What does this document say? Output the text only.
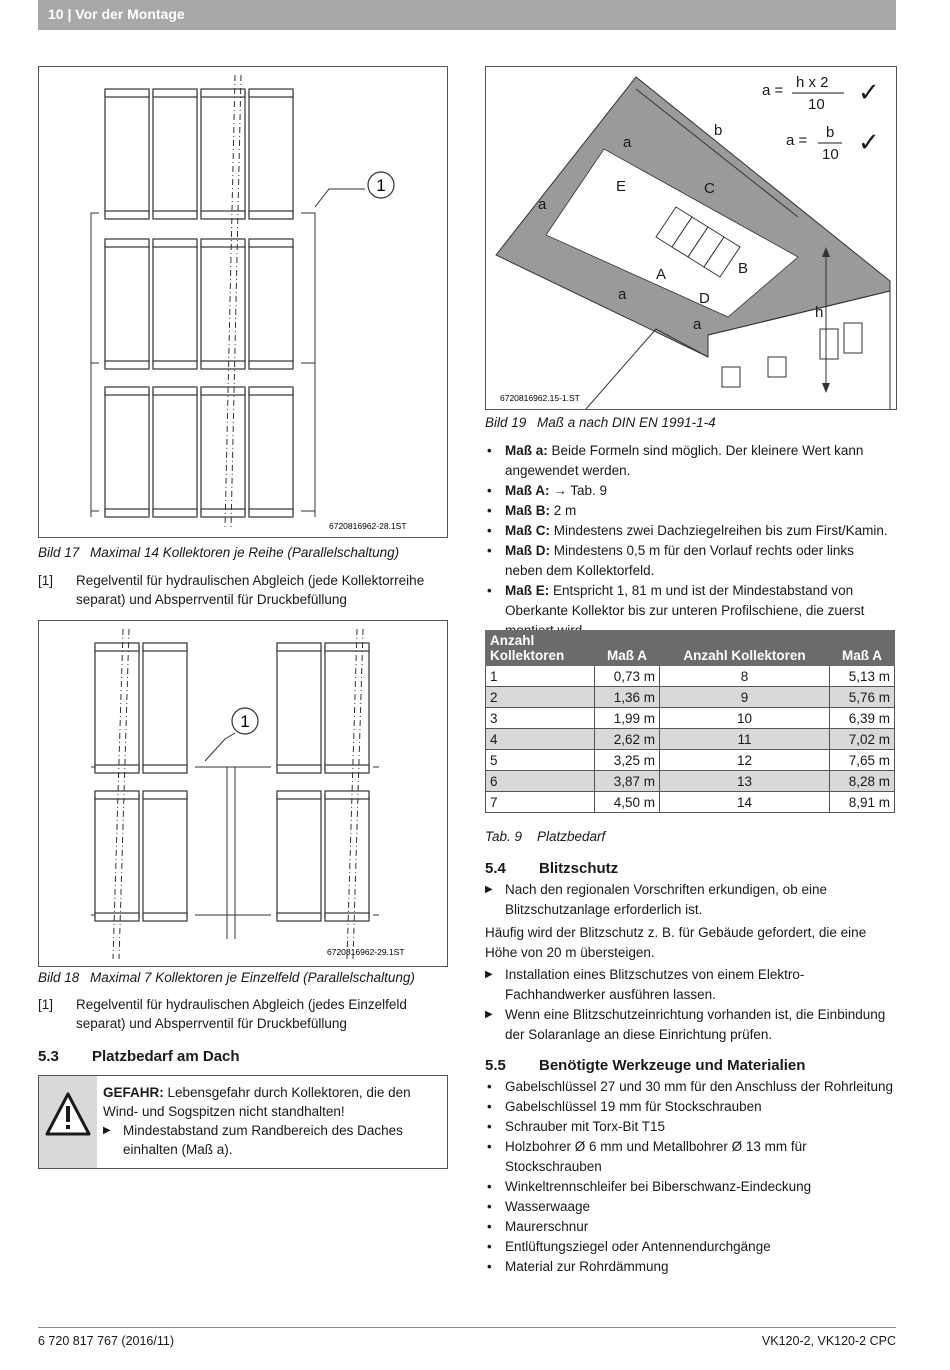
10 | Vor der Montage
1
6720816962-28.1ST
Bild 17 Maximal 14 Kollektoren je Reihe (Parallelschaltung)
[1] Regelventil für hydraulischen Abgleich (jede Kollektorreihe separat) und Absperrventil für Druckbefüllung
1
6720816962-29.1ST
Bild 18 Maximal 7 Kollektoren je Einzelfeld (Parallelschaltung)
[1] Regelventil für hydraulischen Abgleich (jedes Einzelfeld separat) und Absperrventil für Druckbefüllung
5.3 Platzbedarf am Dach
GEFAHR: Lebensgefahr durch Kollektoren, die den Wind- und Sogspitzen nicht standhalten!
▶ Mindestabstand zum Randbereich des Daches einhalten (Maß a).
a
a
b
E	C
A	B
a	D
a
h
a = h x 2
10 ✓
a = b
10 ✓
6720816962.15-1.ST
Bild 19 Maß a nach DIN EN 1991-1-4
• Maß a: Beide Formeln sind möglich. Der kleinere Wert kann angewendet werden.
• Maß A: → Tab. 9
• Maß B: 2 m
• Maß C: Mindestens zwei Dachziegelreihen bis zum First/Kamin.
• Maß D: Mindestens 0,5 m für den Vorlauf rechts oder links neben dem Kollektorfeld.
• Maß E: Entspricht 1, 81 m und ist der Mindestabstand von Oberkante Kollektor bis zur unteren Profilschiene, die zuerst
Anzahl Kollektoren	Maß A	Anzahl Kollektoren	Maß A
1	0,73 m	8	5,13 m
2	1,36 m	9	5,76 m
3	1,99 m	10	6,39 m
4	2,62 m	11	7,02 m
5	3,25 m	12	7,65 m
6	3,87 m	13	8,28 m
7	4,50 m	14	8,91 m
Tab. 9 Platzbedarf
5.4 Blitzschutz
▶ Nach den regionalen Vorschriften erkundigen, ob eine Blitzschutzanlage erforderlich ist.
Häufig wird der Blitzschutz z. B. für Gebäude gefordert, die eine Höhe von 20 m übersteigen.
▶ Installation eines Blitzschutzes von einem Elektro-Fachhandwerker ausführen lassen.
▶ Wenn eine Blitzschutzeinrichtung vorhanden ist, die Einbindung der Solaranlage an diese Einrichtung prüfen.
5.5 Benötigte Werkzeuge und Materialien
• Gabelschlüssel 27 und 30 mm für den Anschluss der Rohrleitung
• Gabelschlüssel 19 mm für Stockschrauben
• Schrauber mit Torx-Bit T15
• Holzbohrer Ø 6 mm und Metallbohrer Ø 13 mm für Stockschrauben
• Winkeltrennschleifer bei Biberschwanz-Eindeckung
• Wasserwaage
• Maurerschnur
• Entlüftungsziegel oder Antennendurchgänge
• Material zur Rohrdämmung
6 720 817 767 (2016/11)	VK120-2, VK120-2 CPC
